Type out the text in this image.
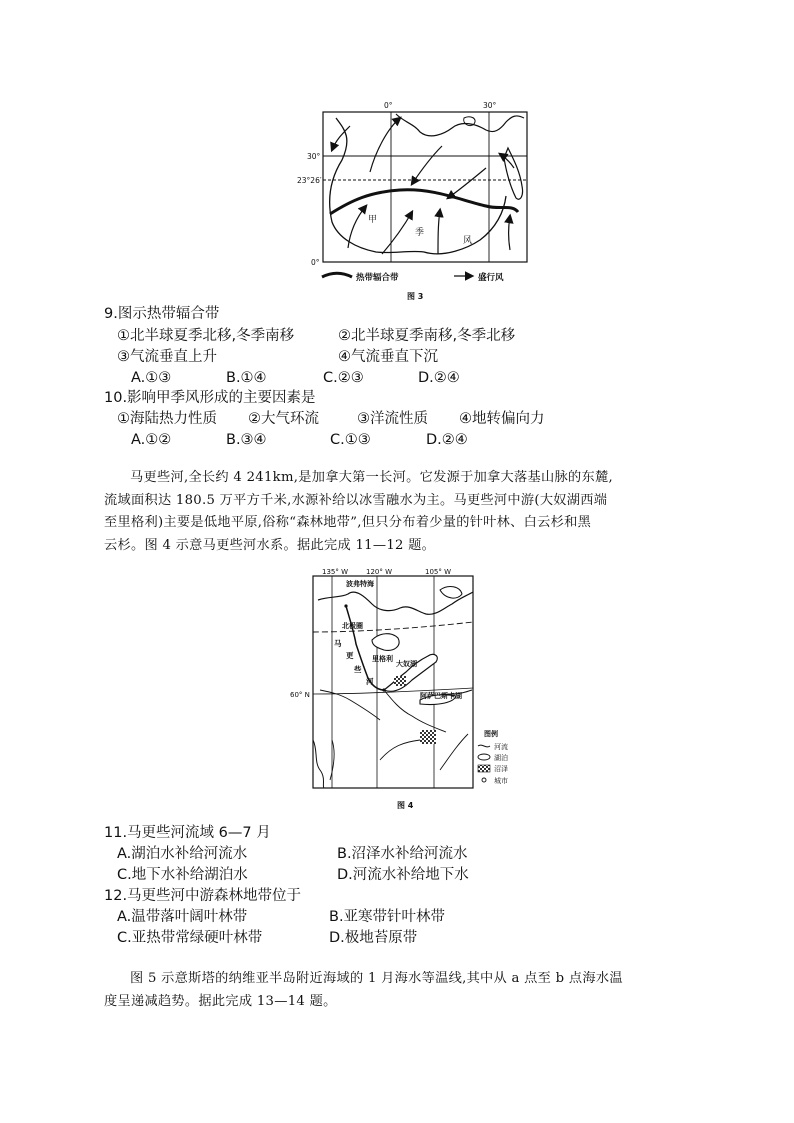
0°	30°
30°
23°26′
0°
甲
季
风
热带辐合带	盛行风
图 3
9.图示热带辐合带
①北半球夏季北移,冬季南移	②北半球夏季南移,冬季北移
③气流垂直上升	④气流垂直下沉
A.①③	B.①④	C.②③	D.②④
10.影响甲季风形成的主要因素是
①海陆热力性质 ②大气环流	③洋流性质 ④地转偏向力
A.①②	B.③④	C.①③	D.②④
马更些河,全长约 4 241km,是加拿大第一长河。它发源于加拿大落基山脉的东麓,
流域面积达 180.5 万平方千米,水源补给以冰雪融水为主。马更些河中游(大奴湖西端
至里格利)主要是低地平原,俗称“森林地带”,但只分布着少量的针叶林、白云杉和黑
云杉。图 4 示意马更些河水系。据此完成 11—12 题。
135° W	120° W	105° W
60° N
波弗特海
北极圈
马
更
些
河
里格利
大奴湖
阿萨巴斯卡湖
图例
河流
湖泊
沼泽
城市
图 4
11.马更些河流域 6—7 月
A.湖泊水补给河流水	B.沼泽水补给河流水
C.地下水补给湖泊水	D.河流水补给地下水
12.马更些河中游森林地带位于
A.温带落叶阔叶林带	B.亚寒带针叶林带
C.亚热带常绿硬叶林带	D.极地苔原带
图 5 示意斯塔的纳维亚半岛附近海域的 1 月海水等温线,其中从 a 点至 b 点海水温
度呈递减趋势。据此完成 13—14 题。
